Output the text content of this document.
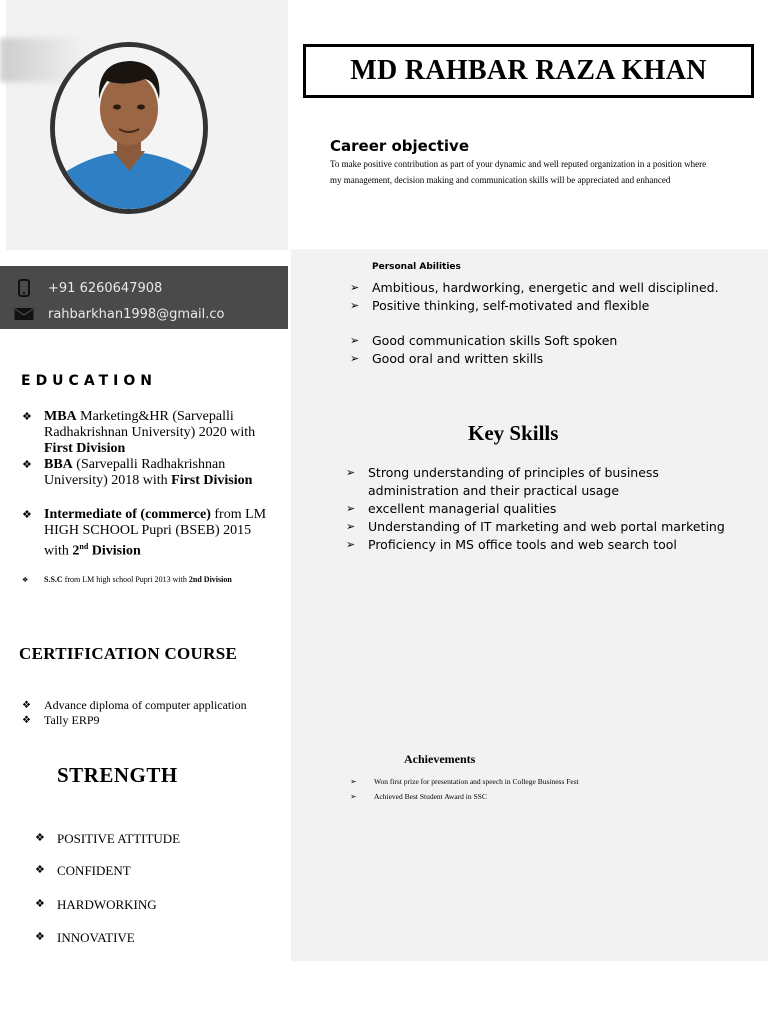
MD RAHBAR RAZA KHAN
Career objective
To make positive contribution as part of your dynamic and well reputed organization in a position where
my management, decision making and communication skills will be appreciated and enhanced
+91 6260647908
rahbarkhan1998@gmail.co
EDUCATION
❖ MBA Marketing&HR (Sarvepalli Radhakrishnan University) 2020 with First Division
❖ BBA (Sarvepalli Radhakrishnan University) 2018 with First Division
❖ Intermediate of (commerce) from LM HIGH SCHOOL Pupri (BSEB) 2015 with 2nd Division
❖	S.S.C from LM high school Pupri 2013 with 2nd Division
CERTIFICATION COURSE
❖	Advance diploma of computer application
❖	Tally ERP9
STRENGTH
❖ POSITIVE ATTITUDE
❖ CONFIDENT
❖ HARDWORKING
❖ INNOVATIVE
Personal Abilities
➢	Ambitious, hardworking, energetic and well disciplined.
➢	Positive thinking, self-motivated and flexible
➢	Good communication skills Soft spoken
➢	Good oral and written skills
Key Skills
➢	Strong understanding of principles of business administration and their practical usage
➢	excellent managerial qualities
➢	Understanding of IT marketing and web portal marketing
➢	Proficiency in MS office tools and web search tool
Achievements
➢	Won first prize for presentation and speech in College Business Fest
➢	Achieved Best Student Award in SSC
